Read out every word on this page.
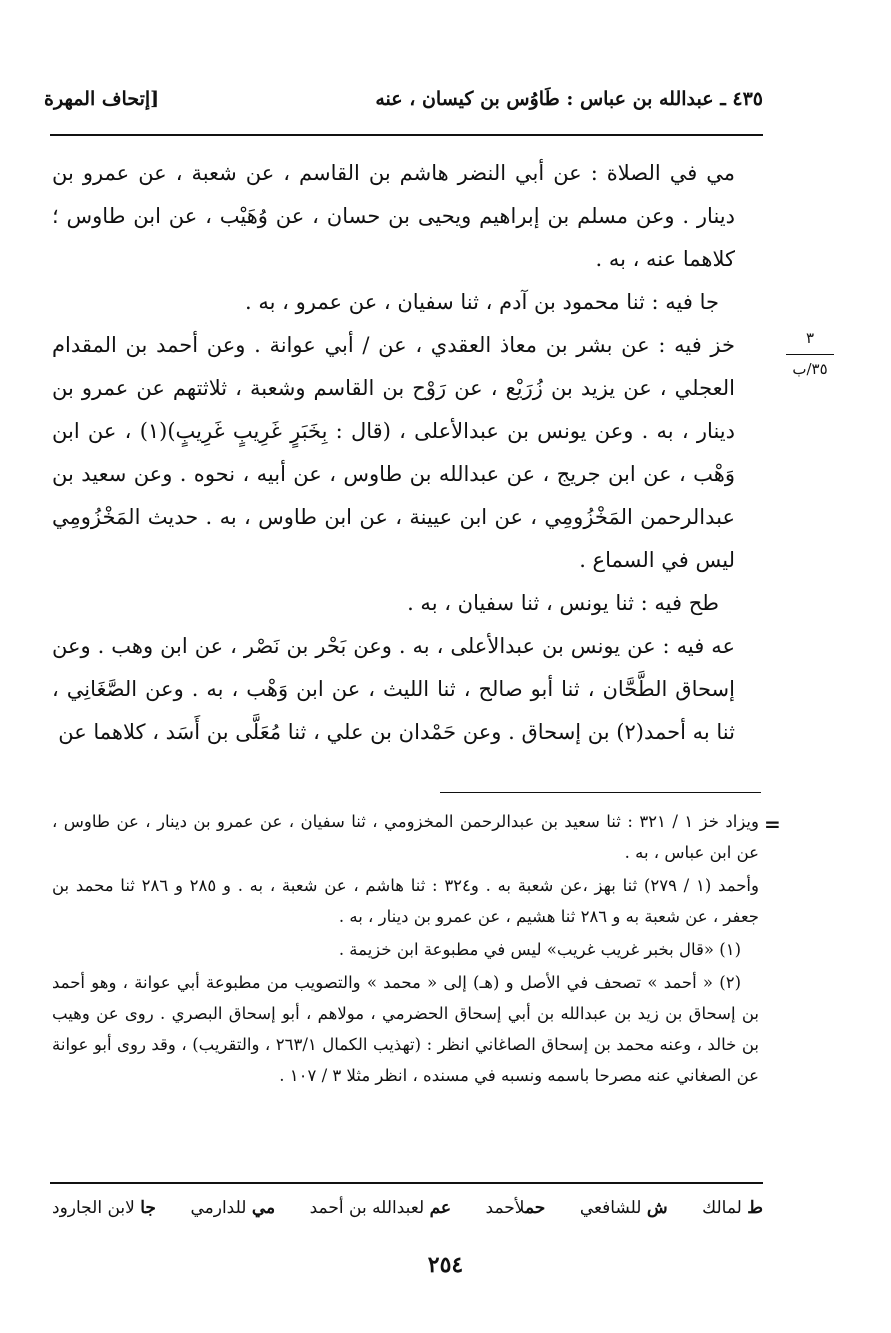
٤٣٥ ـ عبدالله بن عباس : طَاوُس بن كيسان ، عنه
[إتحاف المهرة
٣
٣٥/ب

مي في الصلاة : عن أبي النضر هاشم بن القاسم ، عن شعبة ، عن عمرو بن دينار . وعن مسلم بن إبراهيم ويحيى بن حسان ، عن وُهَيْب ، عن ابن طاوس ؛ كلاهما عنه ، به .

جا فيه : ثنا محمود بن آدم ، ثنا سفيان ، عن عمرو ، به .

خز فيه : عن بشر بن معاذ العقدي ، عن / أبي عوانة . وعن أحمد بن المقدام العجلي ، عن يزيد بن زُرَيْع ، عن رَوْح بن القاسم وشعبة ، ثلاثتهم عن عمرو بن دينار ، به . وعن يونس بن عبدالأعلى ، (قال : بِخَبَرٍ غَرِيبٍ غَرِيبٍ)(١) ، عن ابن وَهْب ، عن ابن جريج ، عن عبدالله بن طاوس ، عن أبيه ، نحوه . وعن سعيد بن عبدالرحمن المَخْزُومِي ، عن ابن عيينة ، عن ابن طاوس ، به . حديث المَخْزُومِي ليس في السماع .

طح فيه : ثنا يونس ، ثنا سفيان ، به .

عه فيه : عن يونس بن عبدالأعلى ، به . وعن بَحْر بن نَصْر ، عن ابن وهب . وعن إسحاق الطَّحَّان ، ثنا أبو صالح ، ثنا الليث ، عن ابن وَهْب ، به . وعن الصَّغَانِي ، ثنا به أحمد(٢) بن إسحاق . وعن حَمْدان بن علي ، ثنا مُعَلَّى بن أَسَد ، كلاهما عن

=

ويزاد خز ١ / ٣٢١ : ثنا سعيد بن عبدالرحمن المخزومي ، ثنا سفيان ، عن عمرو بن دينار ، عن طاوس ، عن ابن عباس ، به .

وأحمد (١ / ٢٧٩) ثنا بهز ،عن شعبة به . و٣٢٤ : ثنا هاشم ، عن شعبة ، به . و ٢٨٥ و ٢٨٦ ثنا محمد بن جعفر ، عن شعبة به و ٢٨٦ ثنا هشيم ، عن عمرو بن دينار ، به .

(١) «قال بخبر غريب غريب» ليس في مطبوعة ابن خزيمة .

(٢) « أحمد » تصحف في الأصل و (هـ) إلى « محمد » والتصويب من مطبوعة أبي عوانة ، وهو أحمد بن إسحاق بن زيد بن عبدالله بن أبي إسحاق الحضرمي ، مولاهم ، أبو إسحاق البصري . روى عن وهيب بن خالد ، وعنه محمد بن إسحاق الصاغاني انظر : (تهذيب الكمال ٢٦٣/١ ، والتقريب) ، وقد روى أبو عوانة عن الصغاني عنه مصرحا باسمه ونسبه في مسنده ، انظر مثلا ٣ / ١٠٧ .

ط لمالك
ش للشافعي
حملأحمد
عم لعبدالله بن أحمد
مي للدارمي
جا لابن الجارود
٢٥٤
